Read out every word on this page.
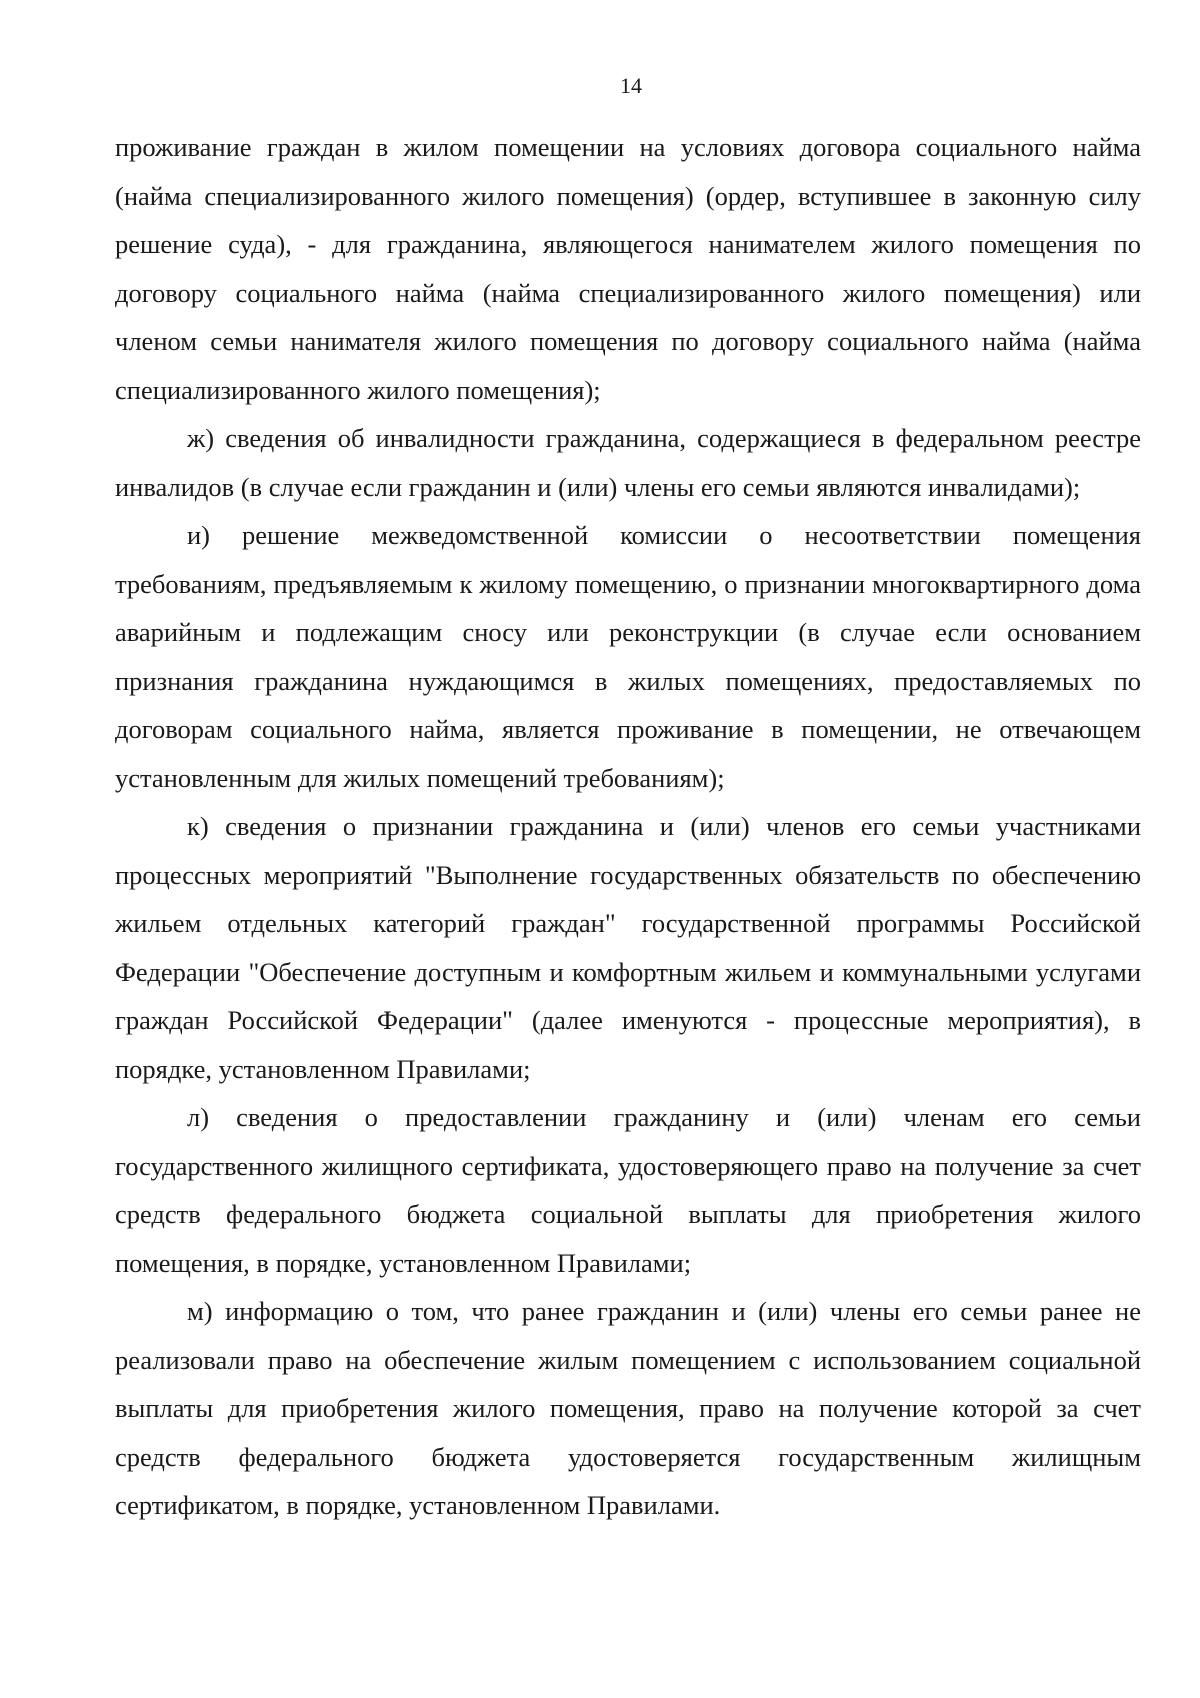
14

проживание граждан в жилом помещении на условиях договора социального найма (найма специализированного жилого помещения) (ордер, вступившее в законную силу решение суда), - для гражданина, являющегося нанимателем жилого помещения по договору социального найма (найма специализированного жилого помещения) или членом семьи нанимателя жилого помещения по договору социального найма (найма специализированного жилого помещения);

ж) сведения об инвалидности гражданина, содержащиеся в федеральном реестре инвалидов (в случае если гражданин и (или) члены его семьи являются инвалидами);

и) решение межведомственной комиссии о несоответствии помещения требованиям, предъявляемым к жилому помещению, о признании многоквартирного дома аварийным и подлежащим сносу или реконструкции (в случае если основанием признания гражданина нуждающимся в жилых помещениях, предоставляемых по договорам социального найма, является проживание в помещении, не отвечающем установленным для жилых помещений требованиям);

к) сведения о признании гражданина и (или) членов его семьи участниками процессных мероприятий "Выполнение государственных обязательств по обеспечению жильем отдельных категорий граждан" государственной программы Российской Федерации "Обеспечение доступным и комфортным жильем и коммунальными услугами граждан Российской Федерации" (далее именуются - процессные мероприятия), в порядке, установленном Правилами;

л) сведения о предоставлении гражданину и (или) членам его семьи государственного жилищного сертификата, удостоверяющего право на получение за счет средств федерального бюджета социальной выплаты для приобретения жилого помещения, в порядке, установленном Правилами;

м) информацию о том, что ранее гражданин и (или) члены его семьи ранее не реализовали право на обеспечение жилым помещением с использованием социальной выплаты для приобретения жилого помещения, право на получение которой за счет средств федерального бюджета удостоверяется государственным жилищным сертификатом, в порядке, установленном Правилами.
